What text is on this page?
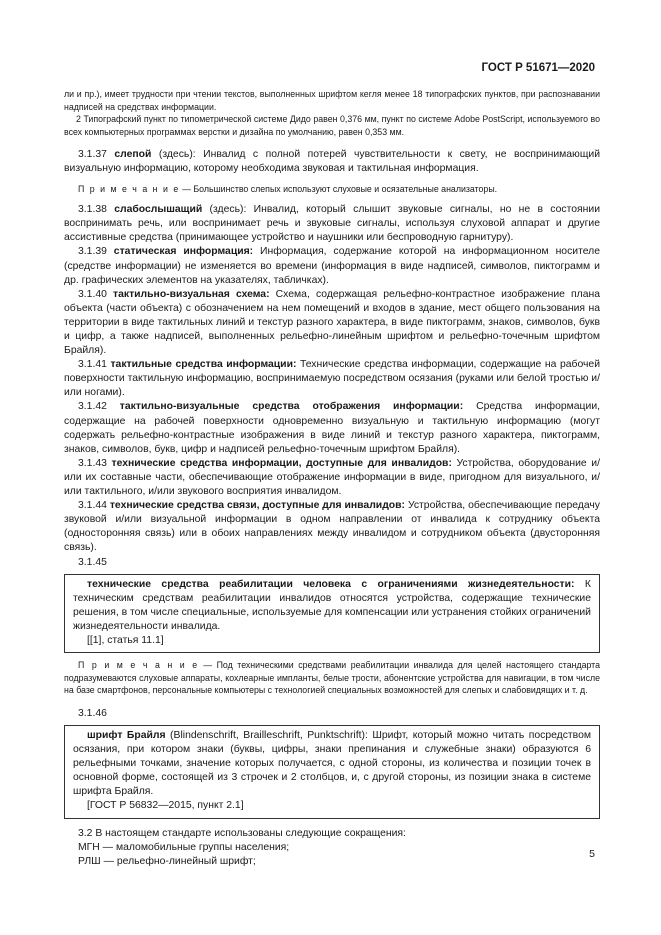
ГОСТ Р 51671—2020

ли и пр.), имеет трудности при чтении текстов, выполненных шрифтом кегля менее 18 типографских пунктов, при распознавании надписей на средствах информации.

2 Типографский пункт по типометрической системе Дидо равен 0,376 мм, пункт по системе Adobe PostScript, используемого во всех компьютерных программах верстки и дизайна по умолчанию, равен 0,353 мм.

3.1.37 слепой (здесь): Инвалид с полной потерей чувствительности к свету, не воспринимающий визуальную информацию, которому необходима звуковая и тактильная информация.

П р и м е ч а н и е — Большинство слепых используют слуховые и осязательные анализаторы.

3.1.38 слабослышащий (здесь): Инвалид, который слышит звуковые сигналы, но не в состоянии воспринимать речь, или воспринимает речь и звуковые сигналы, используя слуховой аппарат и другие ассистивные средства (принимающее устройство и наушники или беспроводную гарнитуру).

3.1.39 статическая информация: Информация, содержание которой на информационном носителе (средстве информации) не изменяется во времени (информация в виде надписей, символов, пиктограмм и др. графических элементов на указателях, табличках).

3.1.40 тактильно-визуальная схема: Схема, содержащая рельефно-контрастное изображение плана объекта (части объекта) с обозначением на нем помещений и входов в здание, мест общего пользования на территории в виде тактильных линий и текстур разного характера, в виде пиктограмм, знаков, символов, букв и цифр, а также надписей, выполненных рельефно-линейным шрифтом и рельефно-точечным шрифтом Брайля).

3.1.41 тактильные средства информации: Технические средства информации, содержащие на рабочей поверхности тактильную информацию, воспринимаемую посредством осязания (руками или белой тростью и/или ногами).

3.1.42 тактильно-визуальные средства отображения информации: Средства информации, содержащие на рабочей поверхности одновременно визуальную и тактильную информацию (могут содержать рельефно-контрастные изображения в виде линий и текстур разного характера, пиктограмм, знаков, символов, букв, цифр и надписей рельефно-точечным шрифтом Брайля).

3.1.43 технические средства информации, доступные для инвалидов: Устройства, оборудование и/или их составные части, обеспечивающие отображение информации в виде, пригодном для визуального, и/или тактильного, и/или звукового восприятия инвалидом.

3.1.44 технические средства связи, доступные для инвалидов: Устройства, обеспечивающие передачу звуковой и/или визуальной информации в одном направлении от инвалида к сотруднику объекта (односторонняя связь) или в обоих направлениях между инвалидом и сотрудником объекта (двусторонняя связь).

3.1.45

технические средства реабилитации человека с ограничениями жизнедеятельности: К техническим средствам реабилитации инвалидов относятся устройства, содержащие технические решения, в том числе специальные, используемые для компенсации или устранения стойких ограничений жизнедеятельности инвалида.

[[1], статья 11.1]

П р и м е ч а н и е — Под техническими средствами реабилитации инвалида для целей настоящего стандарта подразумеваются слуховые аппараты, кохлеарные импланты, белые трости, абонентские устройства для навигации, в том числе на базе смартфонов, персональные компьютеры с технологией специальных возможностей для слепых и слабовидящих и т. д.

3.1.46

шрифт Брайля (Blindenschrift, Brailleschrift, Punktschrift): Шрифт, который можно читать посредством осязания, при котором знаки (буквы, цифры, знаки препинания и служебные знаки) образуются 6 рельефными точками, значение которых получается, с одной стороны, из количества и позиции точек в основной форме, состоящей из 3 строчек и 2 столбцов, и, с другой стороны, из позиции знака в системе шрифта Брайля.

[ГОСТ Р 56832—2015, пункт 2.1]

3.2 В настоящем стандарте использованы следующие сокращения:

МГН — маломобильные группы населения;

РЛШ — рельефно-линейный шрифт;

5
